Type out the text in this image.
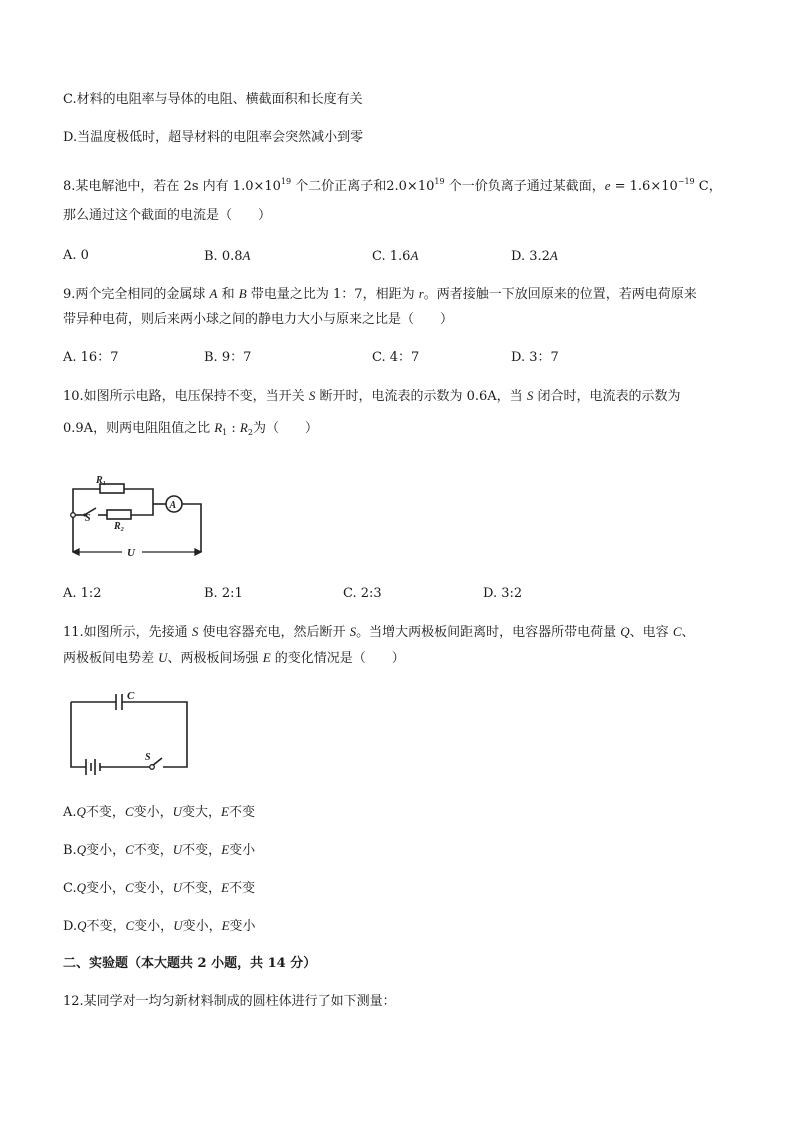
C.材料的电阻率与导体的电阻、横截面积和长度有关
D.当温度极低时，超导材料的电阻率会突然减小到零
8.某电解池中，若在 2s 内有 $1.0\times 10^{19}$ 个二价正离子和$2.0\times 10^{19}$ 个一价负离子通过某截面，$e = 1.6\times 10^{-19}$ C，
那么通过这个截面的电流是（　　）
A. 0	B. 0.8A	C. 1.6A	D. 3.2A
9.两个完全相同的金属球 A 和 B 带电量之比为 1：7，相距为 r。两者接触一下放回原来的位置，若两电荷原来
带异种电荷，则后来两小球之间的静电力大小与原来之比是（　　）
A. 16：7	B. 9：7	C. 4：7	D. 3：7
10.如图所示电路，电压保持不变，当开关 S 断开时，电流表的示数为 0.6A，当 S 闭合时，电流表的示数为
0.9A，则两电阻阻值之比 $R_1$ : $R_2$为（　　）
R₁
R₂
S
A
U
A. 1:2	B. 2:1	C. 2:3	D. 3:2
11.如图所示，先接通 S 使电容器充电，然后断开 S。当增大两极板间距离时，电容器所带电荷量 Q、电容 C、
两极板间电势差 U、两极板间场强 E 的变化情况是（　　）
C
S
A.Q不变，C变小，U变大，E不变
B.Q变小，C不变，U不变，E变小
C.Q变小，C变小，U不变，E不变
D.Q不变，C变小，U变小，E变小
二、实验题（本大题共 2 小题，共 14 分）
12.某同学对一均匀新材料制成的圆柱体进行了如下测量：
